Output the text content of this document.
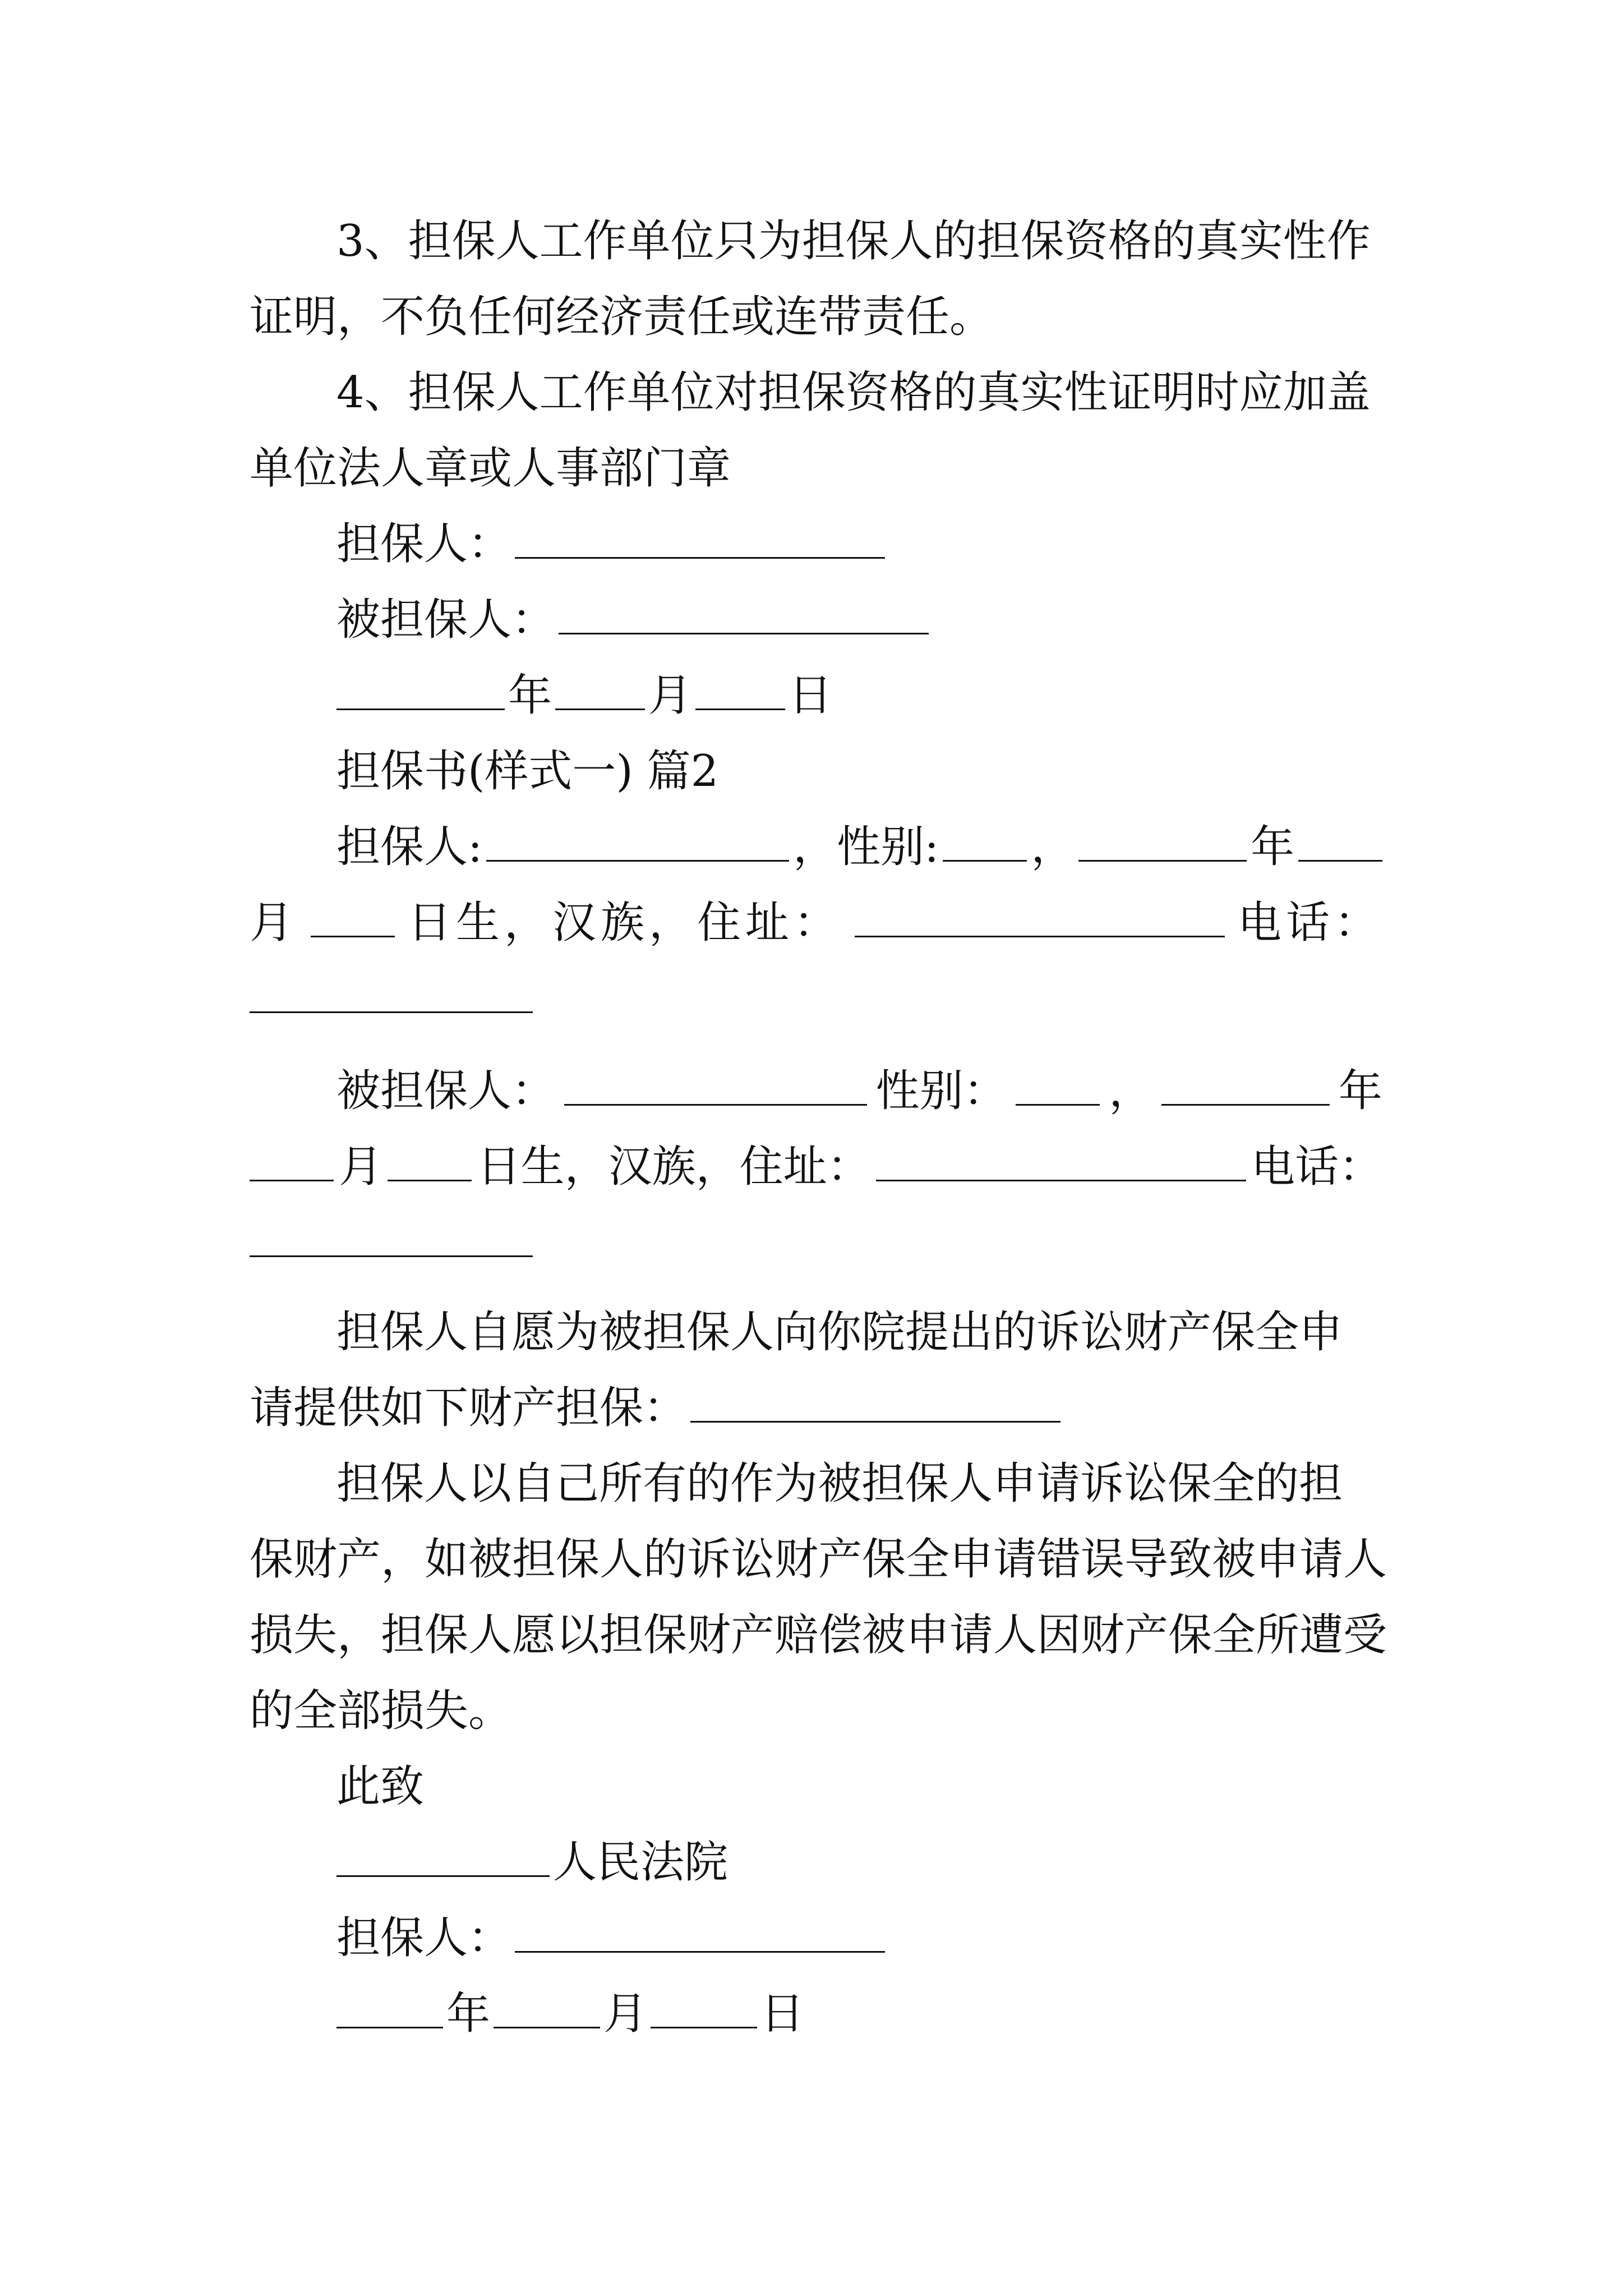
3、担保人工作单位只为担保人的担保资格的真实性作
证明，不负任何经济责任或连带责任。
4、担保人工作单位对担保资格的真实性证明时应加盖
单位法人章或人事部门章
担保人：
被担保人：
年 月 日
担保书(样式一) 篇2
担保人:	，性别: ，	年
月	日生，汉族，住址：	电话：
被担保人：	性别： ，	年
月 日生，汉族，住址：	电话：
担保人自愿为被担保人向你院提出的诉讼财产保全申
请提供如下财产担保：
担保人以自己所有的作为被担保人申请诉讼保全的担
保财产，如被担保人的诉讼财产保全申请错误导致被申请人
损失，担保人愿以担保财产赔偿被申请人因财产保全所遭受
的全部损失。
此致
人民法院
担保人：
年	月	日
